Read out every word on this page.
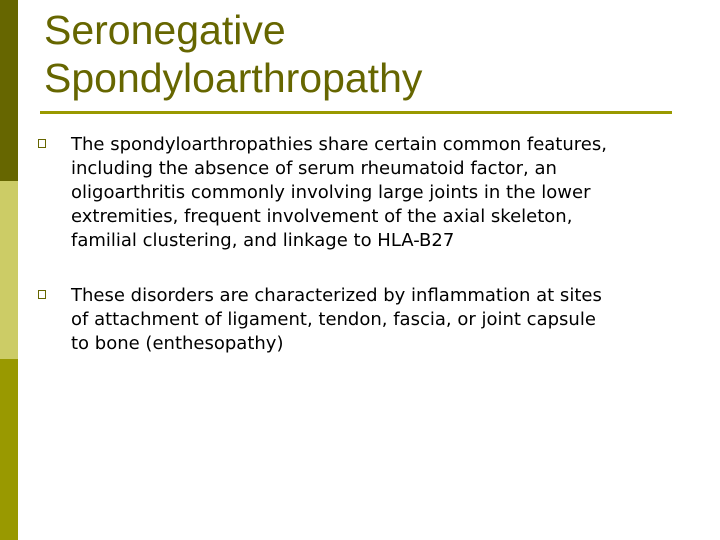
Seronegative
Spondyloarthropathy

The spondyloarthropathies share certain common features,
including the absence of serum rheumatoid factor, an
oligoarthritis commonly involving large joints in the lower
extremities, frequent involvement of the axial skeleton,
familial clustering, and linkage to HLA-B27

These disorders are characterized by inflammation at sites
of attachment of ligament, tendon, fascia, or joint capsule
to bone (enthesopathy)
